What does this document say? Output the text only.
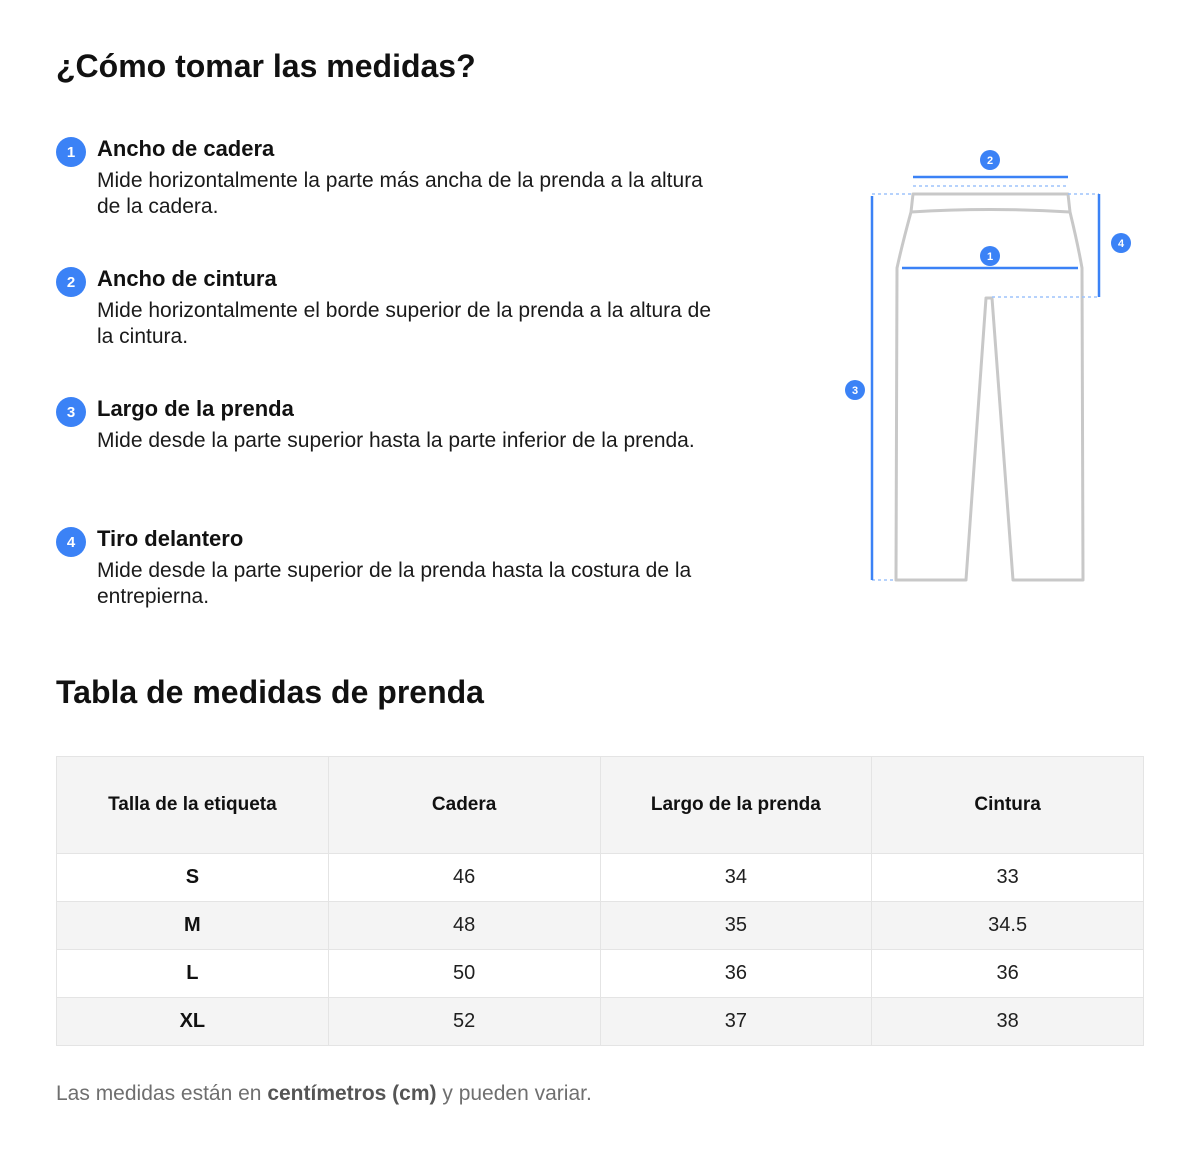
¿Cómo tomar las medidas?
1 Ancho de cadera

Mide horizontalmente la parte más ancha de la prenda a la altura de la cadera.

2 Ancho de cintura

Mide horizontalmente el borde superior de la prenda a la altura de la cintura.

3 Largo de la prenda

Mide desde la parte superior hasta la parte inferior de la prenda.

4 Tiro delantero

Mide desde la parte superior de la prenda hasta la costura de la entrepierna.

1
2
3
4
Tabla de medidas de prenda
Talla de la etiqueta	Cadera	Largo de la prenda	Cintura
S	46	34	33
M	48	35	34.5
L	50	36	36
XL	52	37	38

Las medidas están en centímetros (cm) y pueden variar.
